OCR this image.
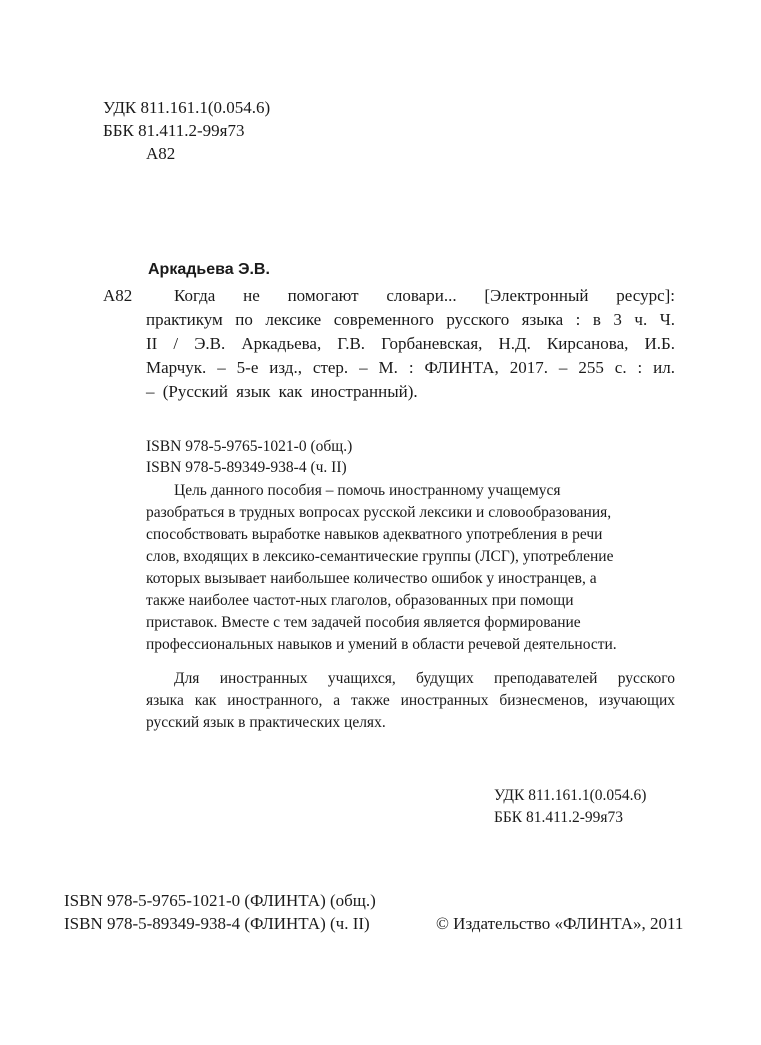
УДК 811.161.1(0.054.6)
ББК 81.411.2-99я73
А82
Аркадьева Э.В.
А82 Когда не помогают словари... [Электронный ресурс]:
практикум по лексике современного русского языка : в 3 ч. Ч.
II / Э.В. Аркадьева, Г.В. Горбаневская, Н.Д. Кирсанова, И.Б.
Марчук. – 5-е изд., стер. – М. : ФЛИНТА, 2017. – 255 с. : ил.
– (Русский язык как иностранный).
ISBN 978-5-9765-1021-0 (общ.)
ISBN 978-5-89349-938-4 (ч. II)
Цель данного пособия – помочь иностранному учащемуся
разобраться в трудных вопросах русской лексики и словообразования,
способствовать выработке навыков адекватного употребления в речи
слов, входящих в лексико-семантические группы (ЛСГ), употребление
которых вызывает наибольшее количество ошибок у иностранцев, а
также наиболее частот-ных глаголов, образованных при помощи
приставок. Вместе с тем задачей пособия является формирование
профессиональных навыков и умений в области речевой деятельности.
Для иностранных учащихся, будущих преподавателей русского
языка как иностранного, а также иностранных бизнесменов, изучающих
русский язык в практических целях.
УДК 811.161.1(0.054.6)
ББК 81.411.2-99я73
ISBN 978-5-9765-1021-0 (ФЛИНТА) (общ.)
ISBN 978-5-89349-938-4 (ФЛИНТА) (ч. II)	© Издательство «ФЛИНТА», 2011
